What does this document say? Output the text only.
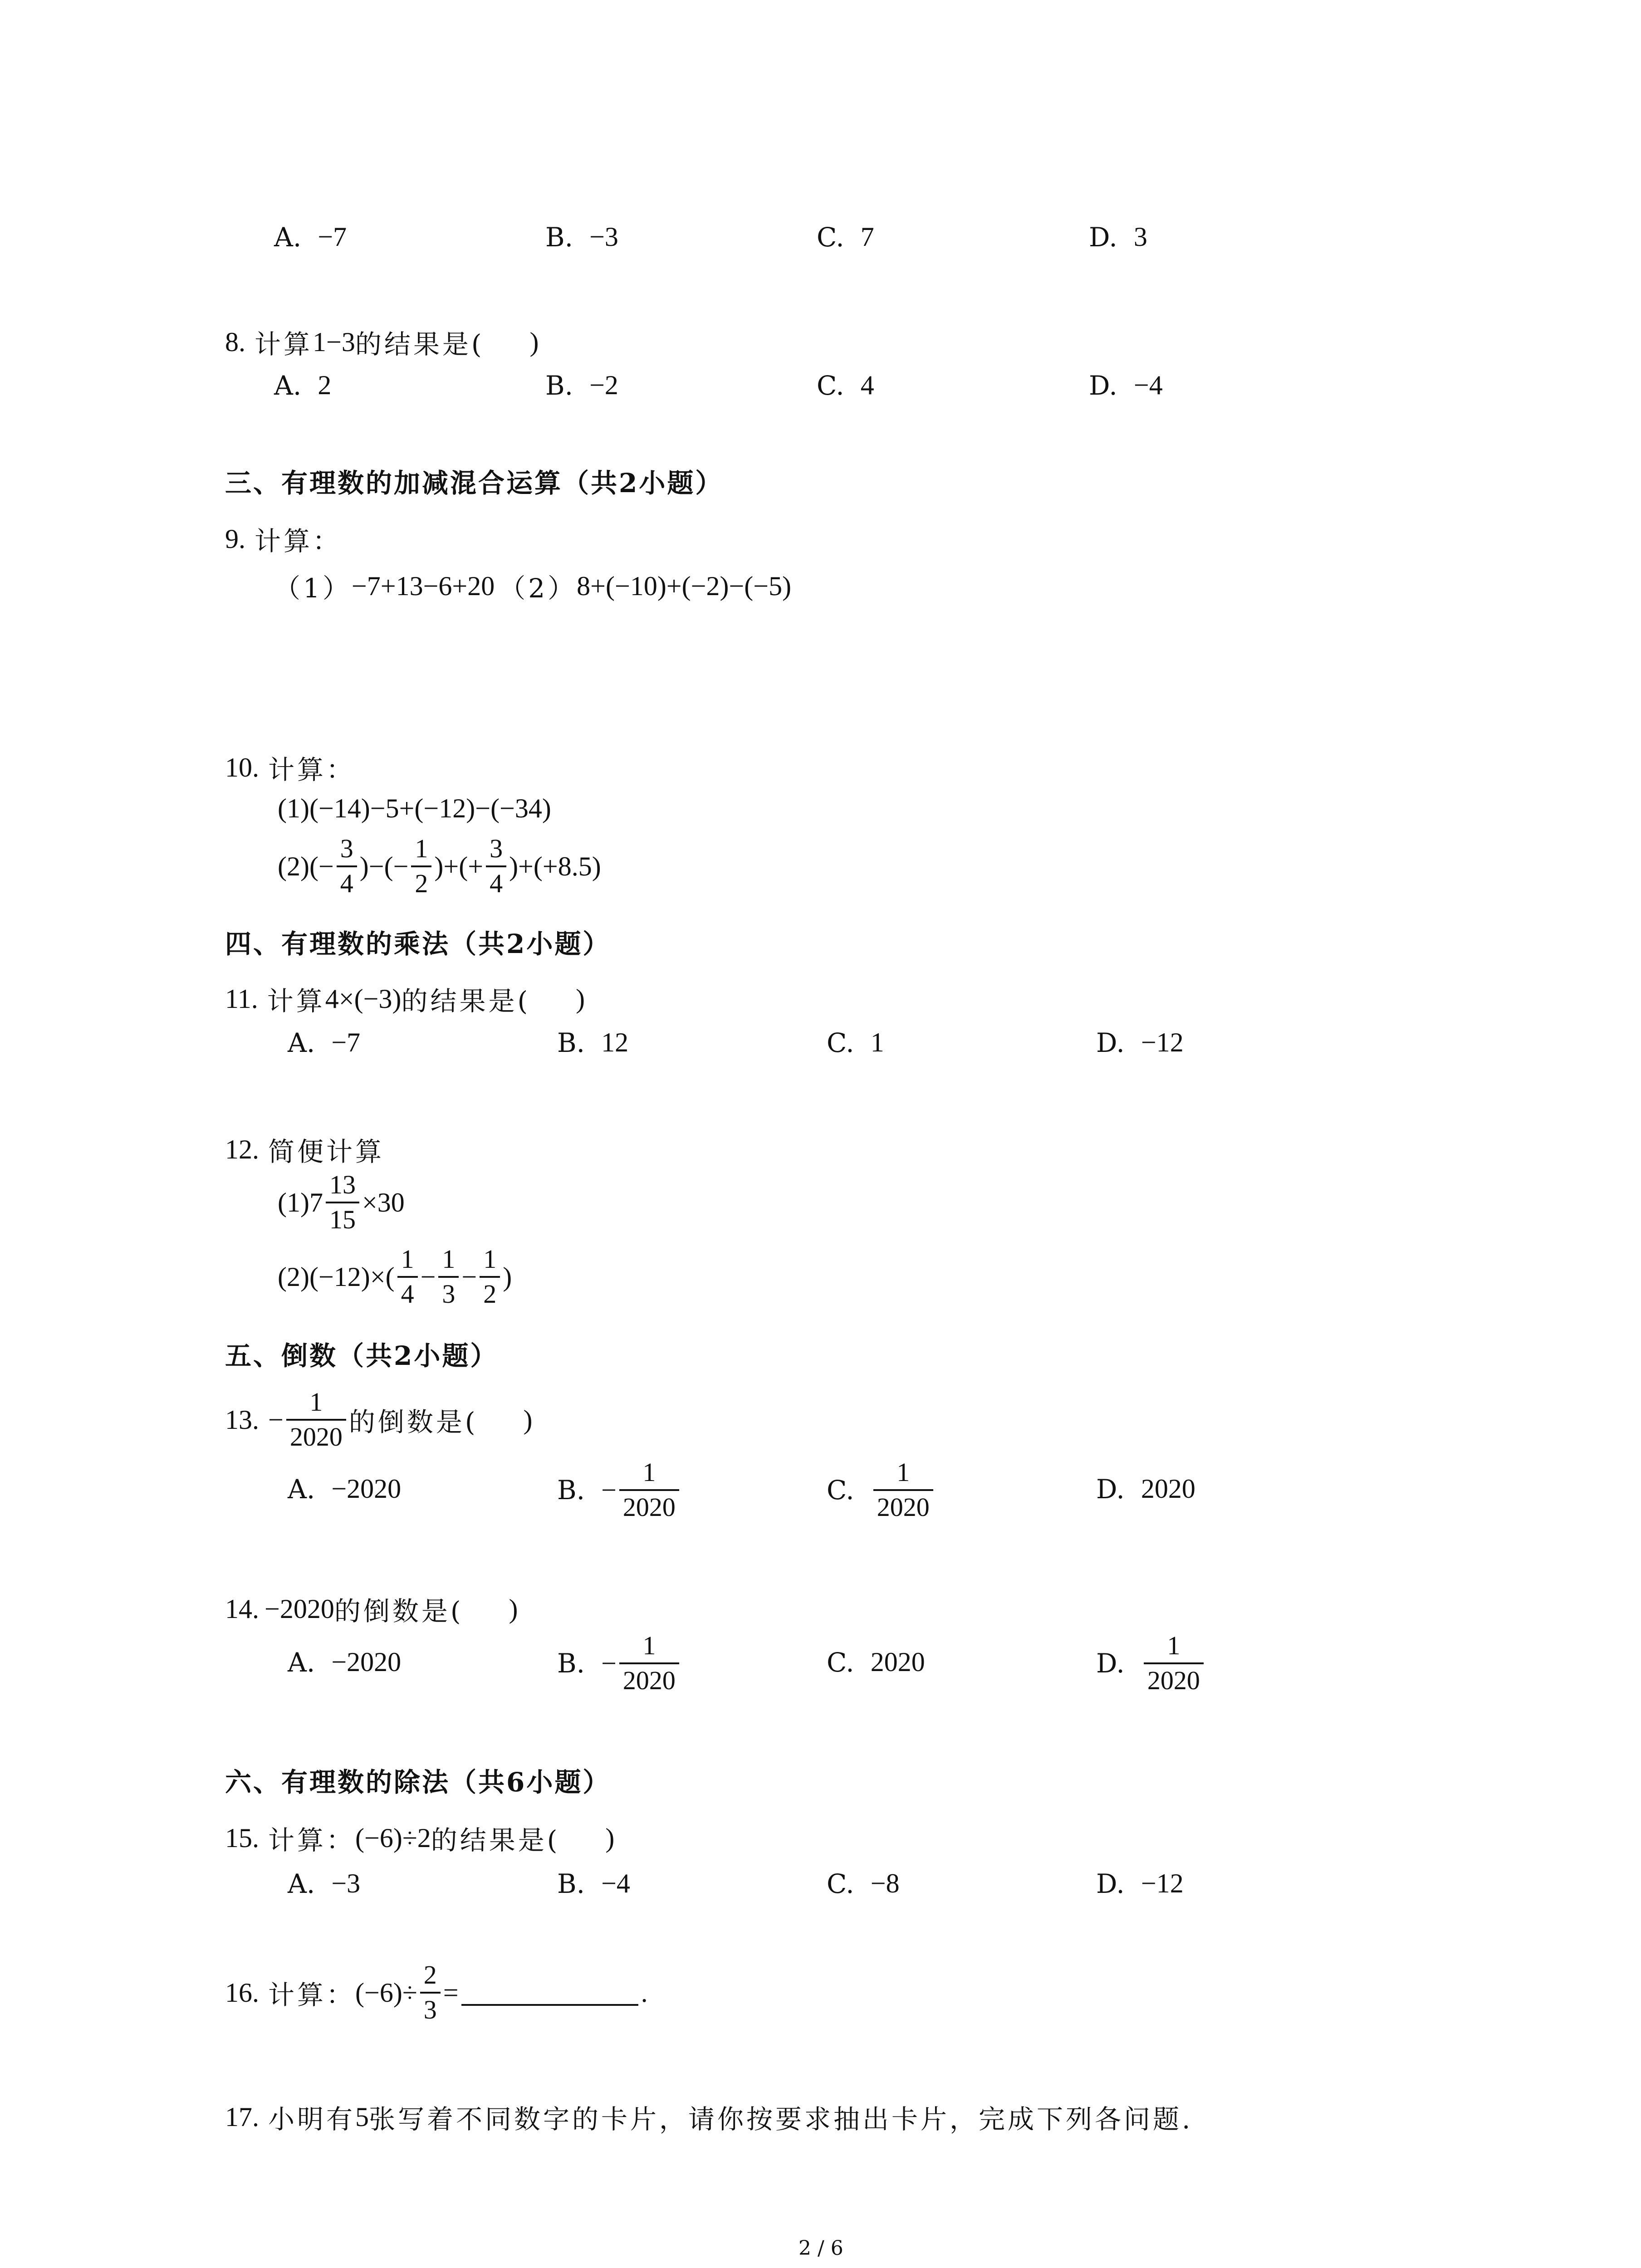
A. −7	B. −3	C. 7	D. 3
8. 计算 1−3 的结果是( )
A. 2	B. −2	C. 4	D. −4
三、有理数的加减混合运算（共2小题）
9. 计算：
（1） −7+13−6+20 （2） 8+(−10)+(−2)−(−5)
10. 计算：
(1)(−14)−5+(−12)−(−34)
$(2)(- \frac{3}{4}$ )−(− $\frac{1}{2}$ )+(+ $\frac{3}{4} )+(+8.5)$
四、有理数的乘法（共2小题）
11. 计算 4×(−3) 的结果是( )
A. −7	B. 12	C. 1	D. −12
12. 简便计算
$(1)7 \frac{13}{15} \times 30$
$(2)(-12)\times( \frac{1}{4} - \frac{1}{3} - \frac{1}{2}$ )
五、倒数（共2小题）
13. − $\frac{1}{2020}$ 的倒数是( )
A. −2020	B. − $\frac{1}{2020}$	C. $\frac{1}{2020}$	D. 2020
14. −2020 的倒数是( )
A. −2020	B. − $\frac{1}{2020}$	C. 2020	D. $\frac{1}{2020}$
六、有理数的除法（共6小题）
15. 计算： (−6)÷2 的结果是( )
A. −3	B. −4	C. −8	D. −12
16. 计算： $(-6)\div \frac{2}{3}$ =	.
17. 小明有 5 张写着不同数字的卡片，请你按要求抽出卡片，完成下列各问题.
2 / 6
